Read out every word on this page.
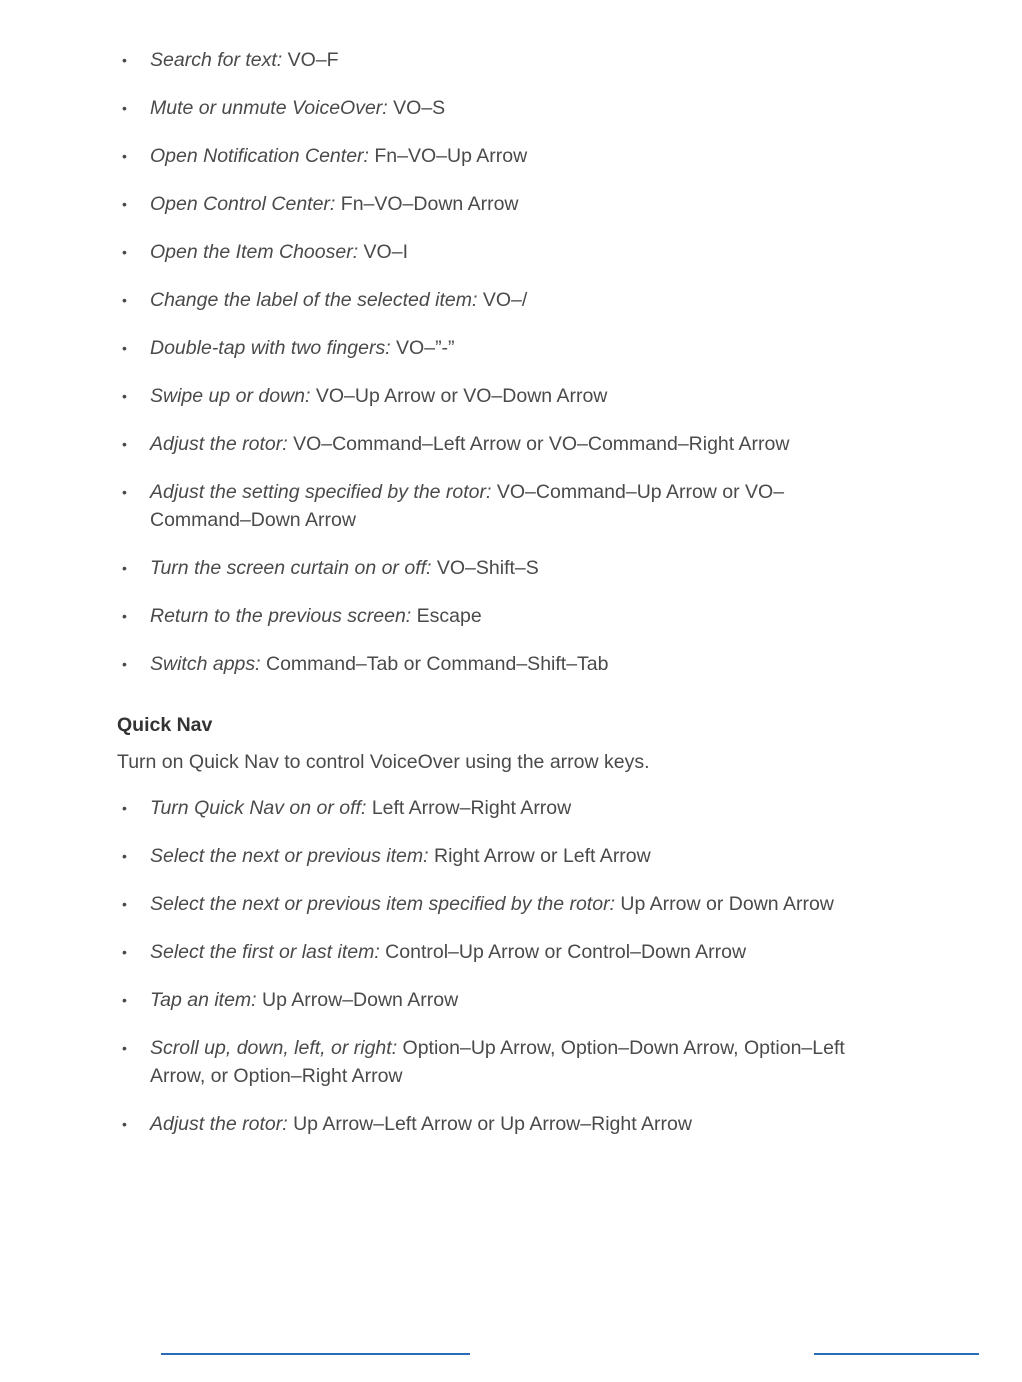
• Search for text: VO–F
• Mute or unmute VoiceOver: VO–S
• Open Notification Center: Fn–VO–Up Arrow
• Open Control Center: Fn–VO–Down Arrow
• Open the Item Chooser: VO–I
• Change the label of the selected item: VO–/
• Double-tap with two fingers: VO–”-”
• Swipe up or down: VO–Up Arrow or VO–Down Arrow
• Adjust the rotor: VO–Command–Left Arrow or VO–Command–Right Arrow
• Adjust the setting specified by the rotor: VO–Command–Up Arrow or VO–Command–Down Arrow
• Turn the screen curtain on or off: VO–Shift–S
• Return to the previous screen: Escape
• Switch apps: Command–Tab or Command–Shift–Tab
Quick Nav

Turn on Quick Nav to control VoiceOver using the arrow keys.

• Turn Quick Nav on or off: Left Arrow–Right Arrow
• Select the next or previous item: Right Arrow or Left Arrow
• Select the next or previous item specified by the rotor: Up Arrow or Down Arrow
• Select the first or last item: Control–Up Arrow or Control–Down Arrow
• Tap an item: Up Arrow–Down Arrow
• Scroll up, down, left, or right: Option–Up Arrow, Option–Down Arrow, Option–Left Arrow, or Option–Right Arrow
• Adjust the rotor: Up Arrow–Left Arrow or Up Arrow–Right Arrow
